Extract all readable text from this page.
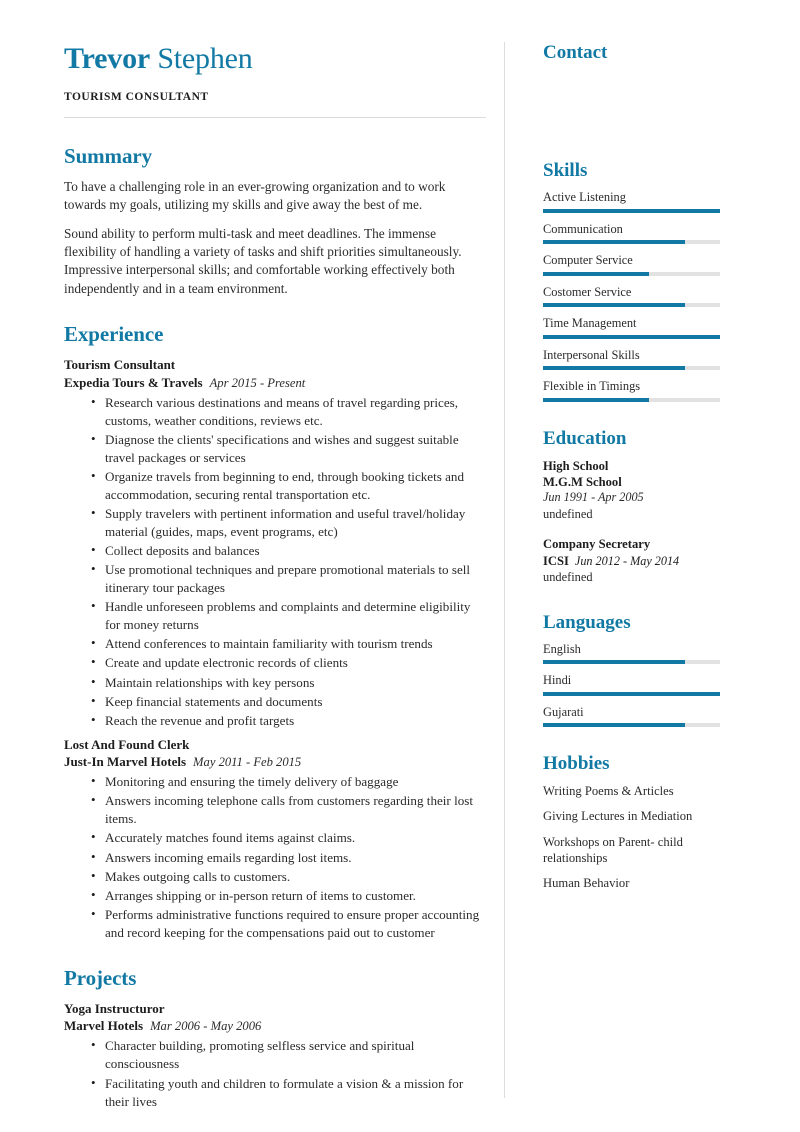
Trevor Stephen
TOURISM CONSULTANT
Summary

To have a challenging role in an ever-growing organization and to work towards my goals, utilizing my skills and give away the best of me.

Sound ability to perform multi-task and meet deadlines. The immense flexibility of handling a variety of tasks and shift priorities simultaneously. Impressive interpersonal skills; and comfortable working effectively both independently and in a team environment.

Experience
Tourism Consultant
Expedia Tours & Travels Apr 2015 - Present
• Research various destinations and means of travel regarding prices, customs, weather conditions, reviews etc.
• Diagnose the clients' specifications and wishes and suggest suitable travel packages or services
• Organize travels from beginning to end, through booking tickets and accommodation, securing rental transportation etc.
• Supply travelers with pertinent information and useful travel/holiday material (guides, maps, event programs, etc)
• Collect deposits and balances
• Use promotional techniques and prepare promotional materials to sell itinerary tour packages
• Handle unforeseen problems and complaints and determine eligibility for money returns
• Attend conferences to maintain familiarity with tourism trends
• Create and update electronic records of clients
• Maintain relationships with key persons
• Keep financial statements and documents
• Reach the revenue and profit targets
Lost And Found Clerk
Just-In Marvel Hotels May 2011 - Feb 2015
• Monitoring and ensuring the timely delivery of baggage
• Answers incoming telephone calls from customers regarding their lost items.
• Accurately matches found items against claims.
• Answers incoming emails regarding lost items.
• Makes outgoing calls to customers.
• Arranges shipping or in-person return of items to customer.
• Performs administrative functions required to ensure proper accounting and record keeping for the compensations paid out to customer
Projects
Yoga Instructuror
Marvel Hotels Mar 2006 - May 2006
• Character building, promoting selfless service and spiritual consciousness
• Facilitating youth and children to formulate a vision & a mission for their lives
Contact
Skills
Active Listening
Communication
Computer Service
Costomer Service
Time Management
Interpersonal Skills
Flexible in Timings
Education
High School
M.G.M School
Jun 1991 - Apr 2005
undefined
Company Secretary
ICSI Jun 2012 - May 2014
undefined
Languages
English
Hindi
Gujarati
Hobbies
Writing Poems & Articles
Giving Lectures in Mediation
Workshops on Parent- child relationships
Human Behavior
